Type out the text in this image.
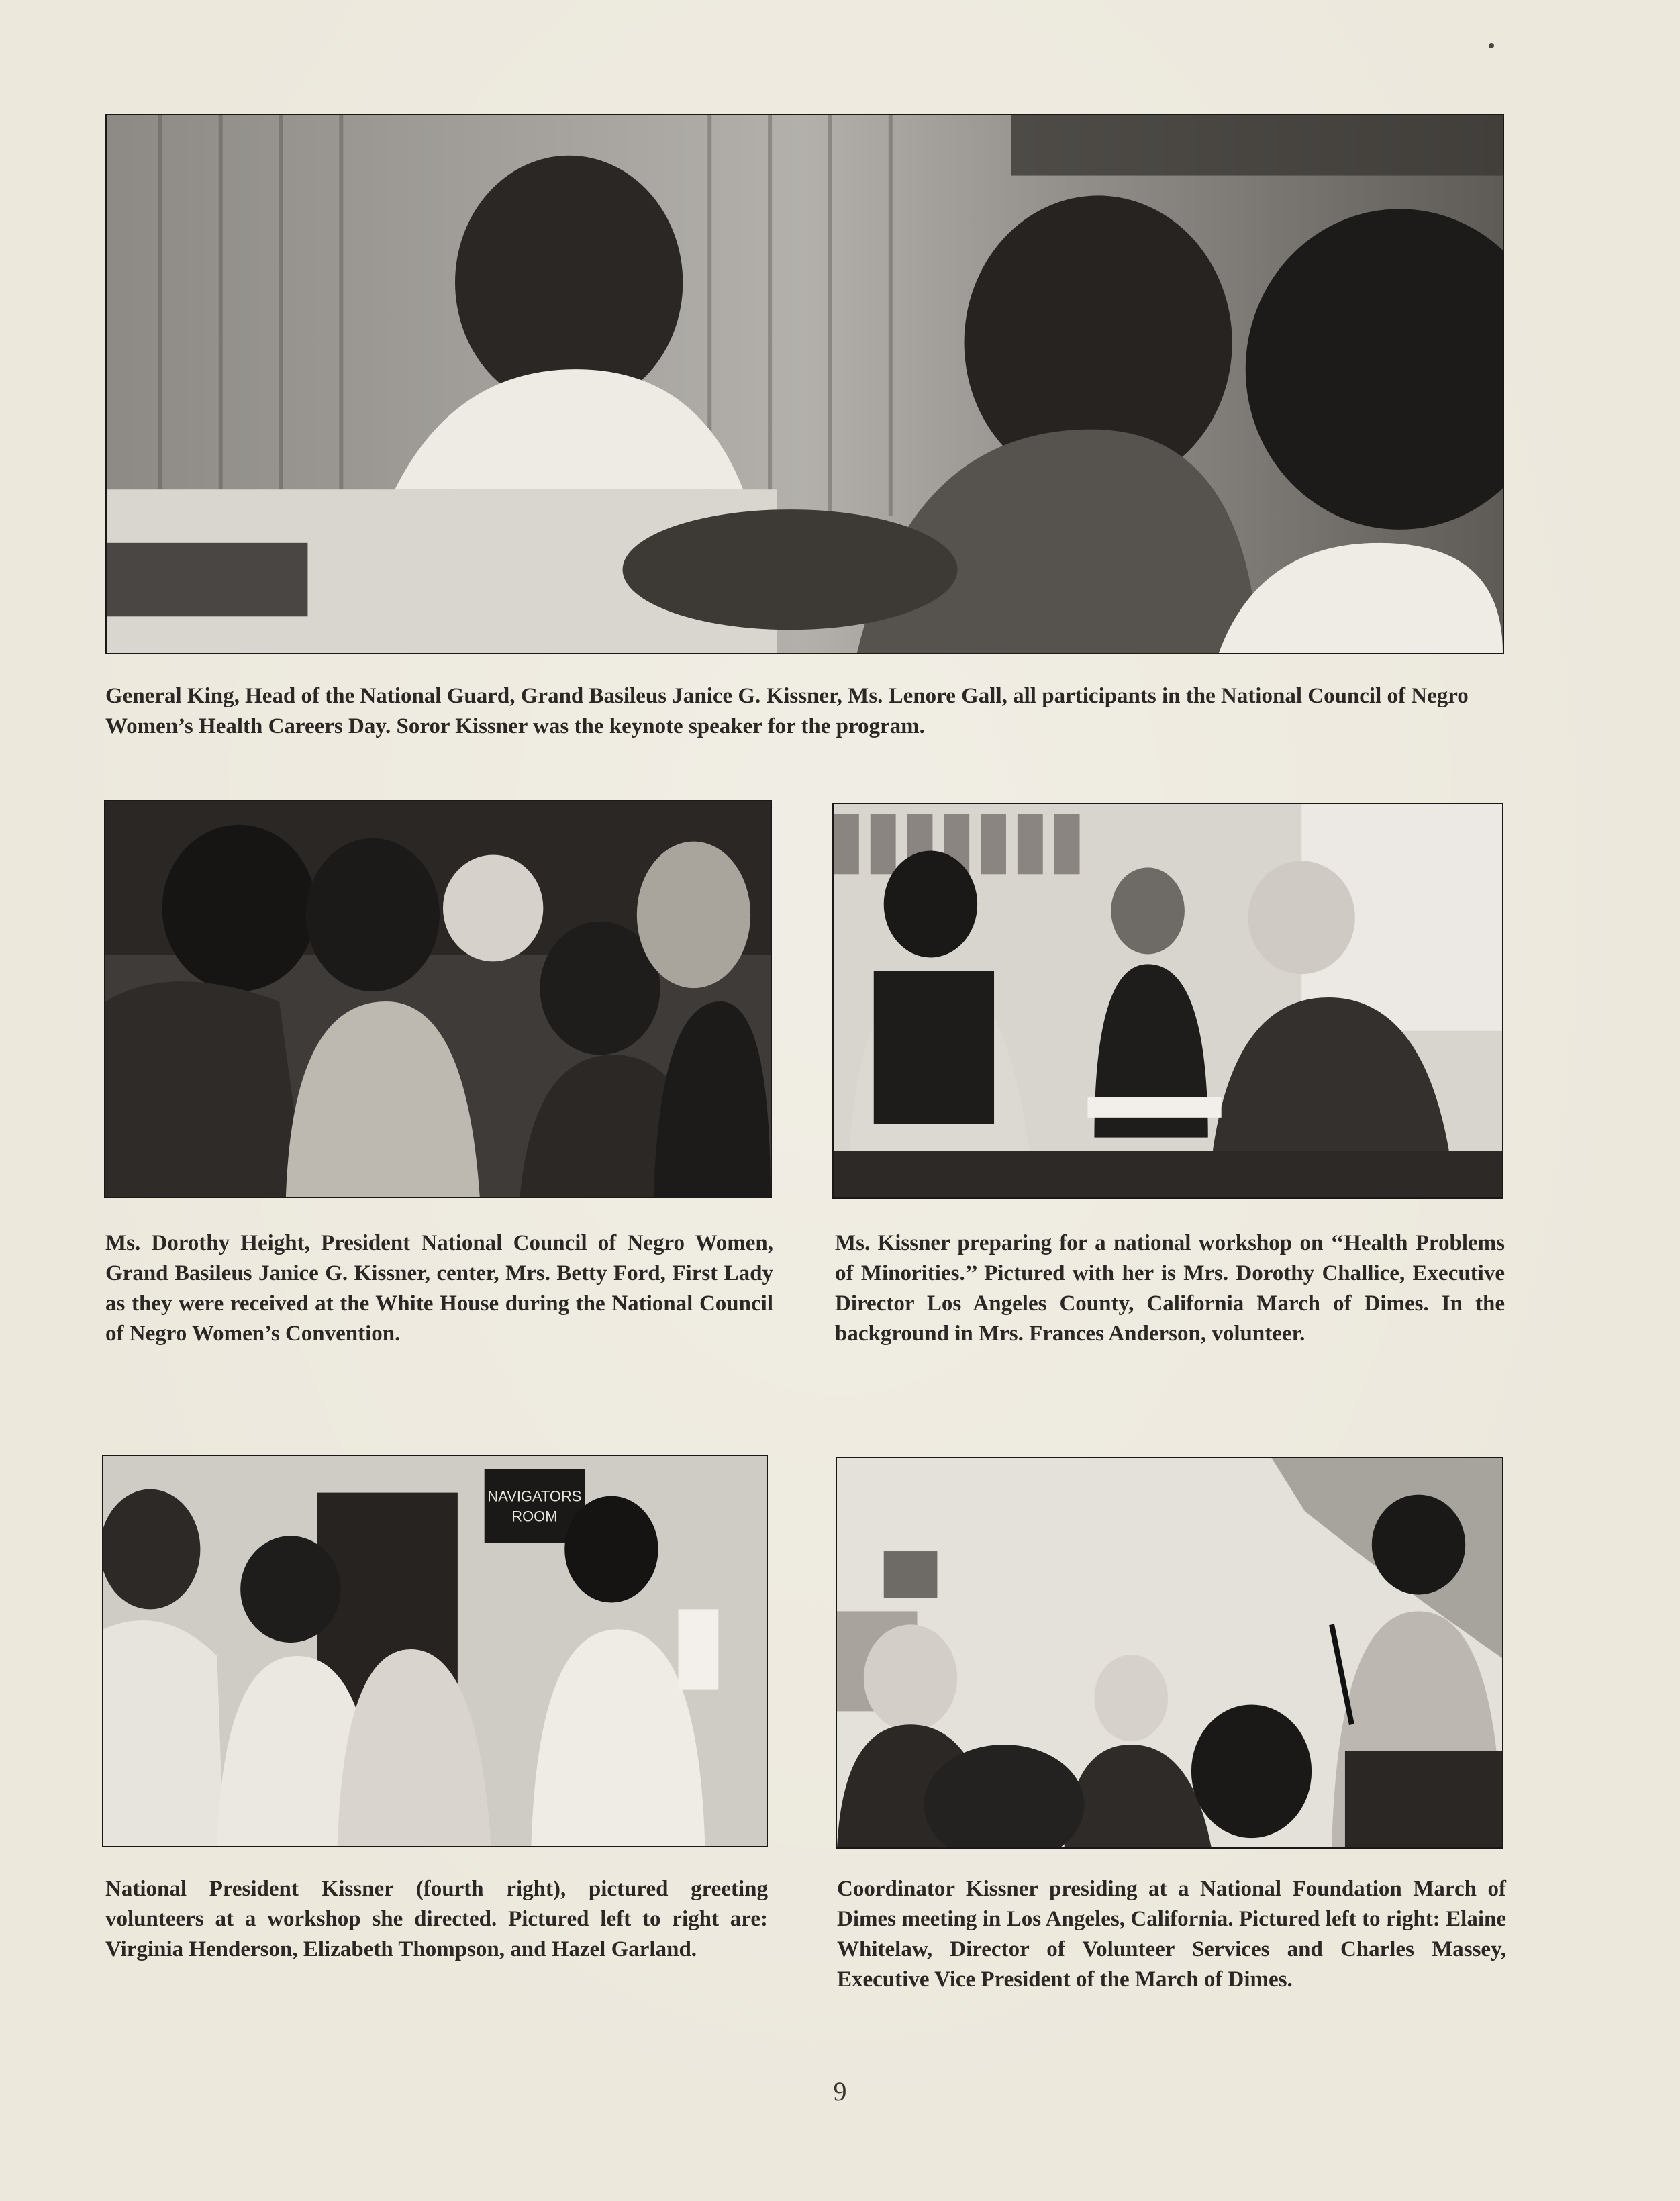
General King, Head of the National Guard, Grand Basileus Janice G. Kissner, Ms. Lenore Gall, all participants in the National Council of Negro Women’s Health Careers Day. Soror Kissner was the keynote speaker for the program.

Ms. Dorothy Height, President National Council of Negro Women, Grand Basileus Janice G. Kissner, center, Mrs. Betty Ford, First Lady as they were received at the White House during the National Council of Negro Women’s Convention.

Ms. Kissner preparing for a national workshop on ‘‘Health Problems of Minorities.’’ Pictured with her is Mrs. Dorothy Challice, Executive Director Los Angeles County, California March of Dimes. In the background in Mrs. Frances Anderson, volunteer.

NAVIGATORS
ROOM

National President Kissner (fourth right), pictured greeting volunteers at a workshop she directed. Pictured left to right are: Virginia Henderson, Elizabeth Thompson, and Hazel Garland.

Coordinator Kissner presiding at a National Foundation March of Dimes meeting in Los Angeles, California. Pictured left to right: Elaine Whitelaw, Director of Volunteer Services and Charles Massey, Executive Vice President of the March of Dimes.

9
